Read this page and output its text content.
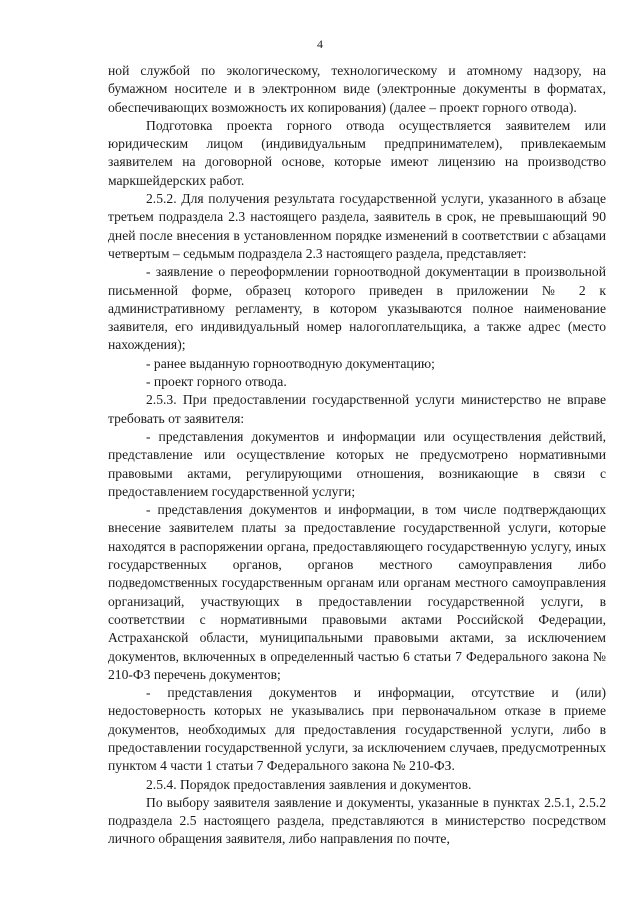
4

ной службой по экологическому, технологическому и атомному надзору, на бумажном носителе и в электронном виде (электронные документы в форматах, обеспечивающих возможность их копирования) (далее – проект горного отвода).

Подготовка проекта горного отвода осуществляется заявителем или юридическим лицом (индивидуальным предпринимателем), привлекаемым заявителем на договорной основе, которые имеют лицензию на производство маркшейдерских работ.

2.5.2. Для получения результата государственной услуги, указанного в абзаце третьем подраздела 2.3 настоящего раздела, заявитель в срок, не превышающий 90 дней после внесения в установленном порядке изменений в соответствии с абзацами четвертым – седьмым подраздела 2.3 настоящего раздела, представляет:

- заявление о переоформлении горноотводной документации в произвольной письменной форме, образец которого приведен в приложении № 2 к административному регламенту, в котором указываются полное наименование заявителя, его индивидуальный номер налогоплательщика, а также адрес (место нахождения);

- ранее выданную горноотводную документацию;

- проект горного отвода.

2.5.3. При предоставлении государственной услуги министерство не вправе требовать от заявителя:

- представления документов и информации или осуществления действий, представление или осуществление которых не предусмотрено нормативными правовыми актами, регулирующими отношения, возникающие в связи с предоставлением государственной услуги;

- представления документов и информации, в том числе подтверждающих внесение заявителем платы за предоставление государственной услуги, которые находятся в распоряжении органа, предоставляющего государственную услугу, иных государственных органов, органов местного самоуправления либо подведомственных государственным органам или органам местного самоуправления организаций, участвующих в предоставлении государственной услуги, в соответствии с нормативными правовыми актами Российской Федерации, Астраханской области, муниципальными правовыми актами, за исключением документов, включенных в определенный частью 6 статьи 7 Федерального закона № 210-ФЗ перечень документов;

- представления документов и информации, отсутствие и (или) недостоверность которых не указывались при первоначальном отказе в приеме документов, необходимых для предоставления государственной услуги, либо в предоставлении государственной услуги, за исключением случаев, предусмотренных пунктом 4 части 1 статьи 7 Федерального закона № 210-ФЗ.

2.5.4. Порядок предоставления заявления и документов.

По выбору заявителя заявление и документы, указанные в пунктах 2.5.1, 2.5.2 подраздела 2.5 настоящего раздела, представляются в министерство посредством личного обращения заявителя, либо направления по почте,
